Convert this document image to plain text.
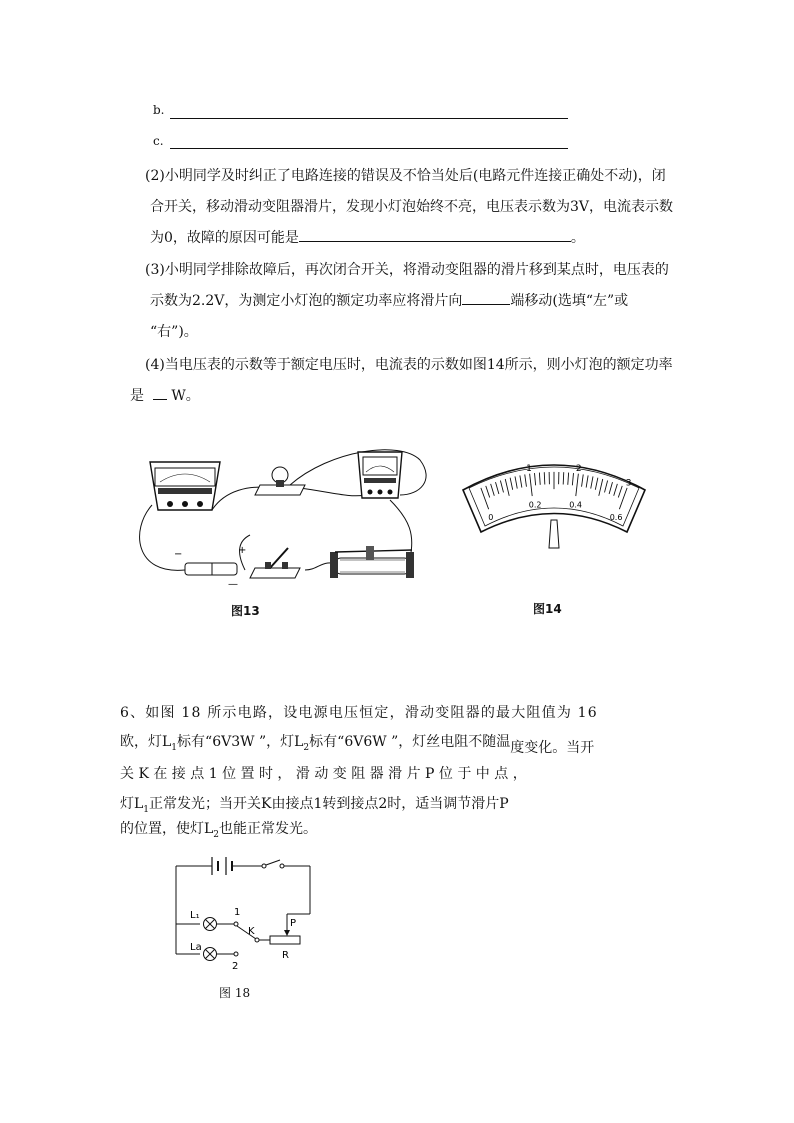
b.
c.
(2)小明同学及时纠正了电路连接的错误及不恰当处后(电路元件连接正确处不动)，闭
合开关，移动滑动变阻器滑片，发现小灯泡始终不亮，电压表示数为3V，电流表示数
为0，故障的原因可能是	。
(3)小明同学排除故障后，再次闭合开关，将滑动变阻器的滑片移到某点时，电压表的
示数为2.2V，为测定小灯泡的额定功率应将滑片向	端移动(选填“左”或
“右”)。
(4)当电压表的示数等于额定电压时，电流表的示数如图14所示，则小灯泡的额定功率
是 W。
−	+
—
图13
1	2
3
0
0.2	0.4
0.6
图14
6、如图 18 所示电路，设电源电压恒定，滑动变阻器的最大阻值为 16
欧，灯$L_1$标有“6V3W ”，灯$L_2$标有“6V6W ”，灯丝电阻不随温度变化。当开
关 K 在 接 点 1 位 置 时 ， 滑 动 变 阻 器 滑 片 P 位 于 中 点 ，
灯$L_1$正常发光；当开关K由接点1转到接点2时，适当调节滑片P
的位置，使灯$L_2$也能正常发光。
L₁
La
1
2
K
P
R
图 18
